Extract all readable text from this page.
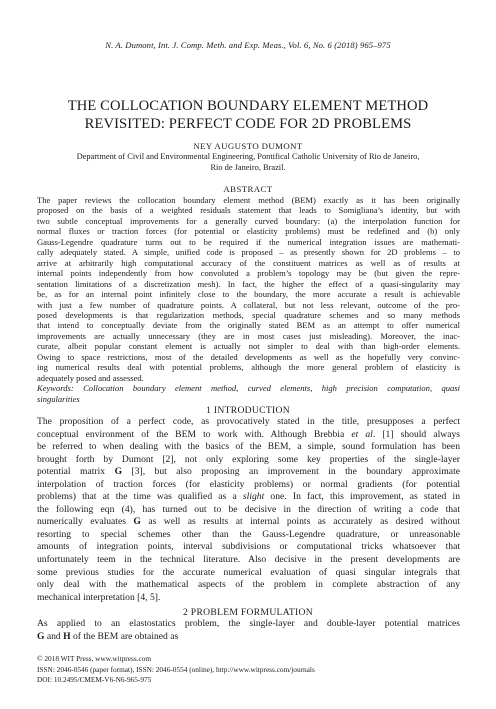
N. A. Dumont, Int. J. Comp. Meth. and Exp. Meas., Vol. 6, No. 6 (2018) 965–975
THE COLLOCATION BOUNDARY ELEMENT METHOD
REVISITED: PERFECT CODE FOR 2D PROBLEMS
NEY AUGUSTO DUMONT
Department of Civil and Environmental Engineering, Pontifical Catholic University of Rio de Janeiro,
Rio de Janeiro, Brazil.
ABSTRACT
The paper reviews the collocation boundary element method (BEM) exactly as it has been originally
proposed on the basis of a weighted residuals statement that leads to Somigliana’s identity, but with
two subtle conceptual improvements for a generally curved boundary: (a) the interpolation function for
normal fluxes or traction forces (for potential or elasticity problems) must be redefined and (b) only
Gauss-Legendre quadrature turns out to be required if the numerical integration issues are mathemati-
cally adequately stated. A simple, unified code is proposed – as presently shown for 2D problems – to
arrive at arbitrarily high computational accuracy of the constituent matrices as well as of results at
internal points independently from how convoluted a problem’s topology may be (but given the repre-
sentation limitations of a discretization mesh). In fact, the higher the effect of a quasi-singularity may
be, as for an internal point infinitely close to the boundary, the more accurate a result is achievable
with just a few number of quadrature points. A collateral, but not less relevant, outcome of the pro-
posed developments is that regularization methods, special quadrature schemes and so many methods
that intend to conceptually deviate from the originally stated BEM as an attempt to offer numerical
improvements are actually unnecessary (they are in most cases just misleading). Moreover, the inac-
curate, albeit popular constant element is actually not simpler to deal with than high-order elements.
Owing to space restrictions, most of the detailed developments as well as the hopefully very convinc-
ing numerical results deal with potential problems, although the more general problem of elasticity is
adequately posed and assessed.
Keywords: Collocation boundary element method, curved elements, high precision computation, quasi
singularities
1 INTRODUCTION
The proposition of a perfect code, as provocatively stated in the title, presupposes a perfect
conceptual environment of the BEM to work with. Although Brebbia et al. [1] should always
be referred to when dealing with the basics of the BEM, a simple, sound formulation has been
brought forth by Dumont [2], not only exploring some key properties of the single-layer
potential matrix G [3], but also proposing an improvement in the boundary approximate
interpolation of traction forces (for elasticity problems) or normal gradients (for potential
problems) that at the time was qualified as a slight one. In fact, this improvement, as stated in
the following eqn (4), has turned out to be decisive in the direction of writing a code that
numerically evaluates G as well as results at internal points as accurately as desired without
resorting to special schemes other than the Gauss-Legendre quadrature, or unreasonable
amounts of integration points, interval subdivisions or computational tricks whatsoever that
unfortunately teem in the technical literature. Also decisive in the present developments are
some previous studies for the accurate numerical evaluation of quasi singular integrals that
only deal with the mathematical aspects of the problem in complete abstraction of any
mechanical interpretation [4, 5].
2 PROBLEM FORMULATION
As applied to an elastostatics problem, the single-layer and double-layer potential matrices
G and H of the BEM are obtained as
© 2018 WIT Press, www.witpress.com
ISSN: 2046-0546 (paper format), ISSN: 2046-0554 (online), http://www.witpress.com/journals
DOI: 10.2495/CMEM-V6-N6-965-975
